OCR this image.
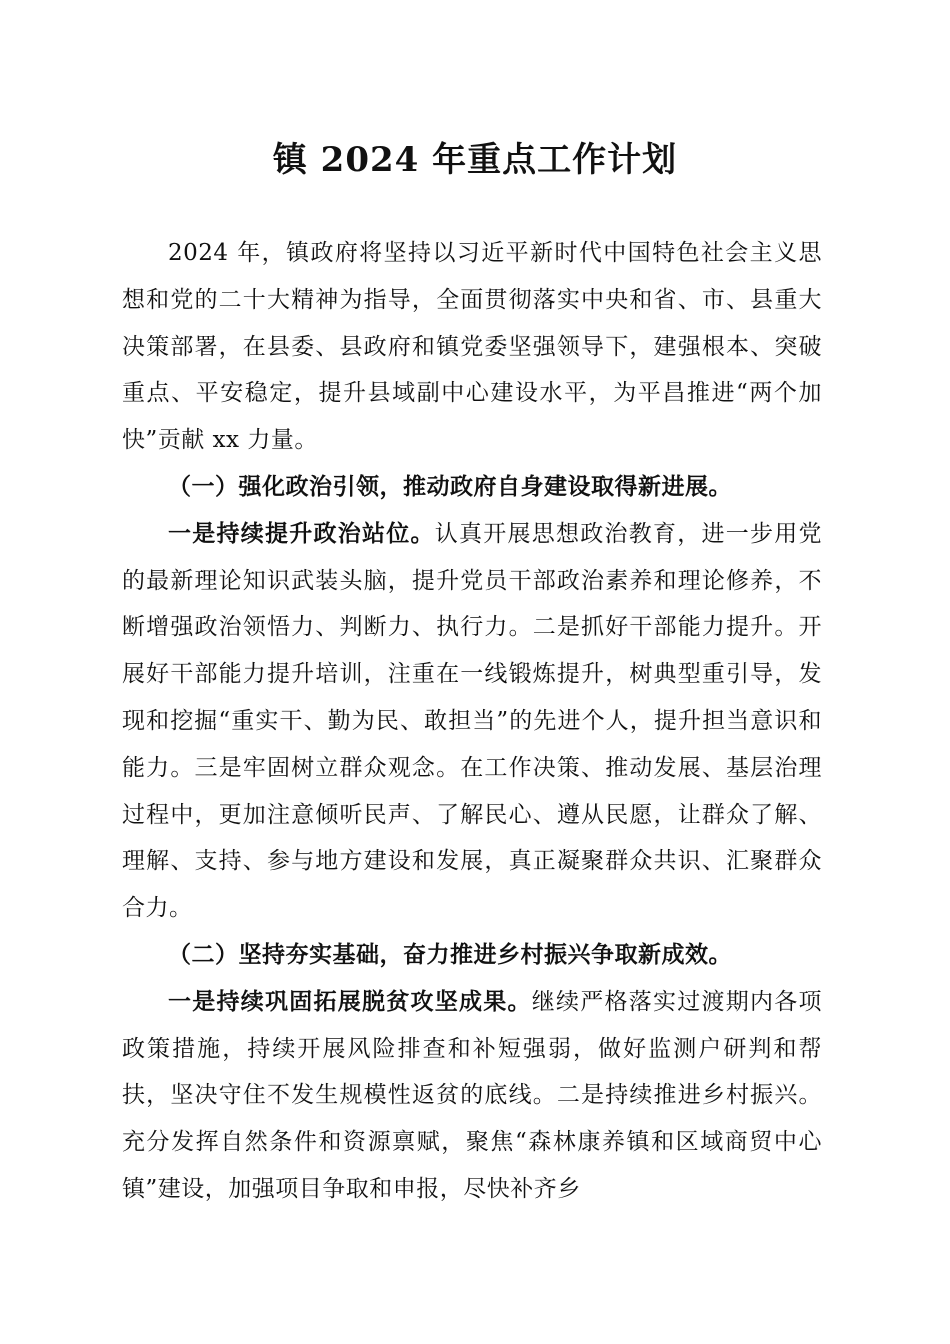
镇 2024 年重点工作计划

2024 年，镇政府将坚持以习近平新时代中国特色社会主义思想和党的二十大精神为指导，全面贯彻落实中央和省、市、县重大决策部署，在县委、县政府和镇党委坚强领导下，建强根本、突破重点、平安稳定，提升县域副中心建设水平，为平昌推进“两个加快”贡献 xx 力量。

（一）强化政治引领，推动政府自身建设取得新进展。

一是持续提升政治站位。认真开展思想政治教育，进一步用党的最新理论知识武装头脑，提升党员干部政治素养和理论修养，不断增强政治领悟力、判断力、执行力。二是抓好干部能力提升。开展好干部能力提升培训，注重在一线锻炼提升，树典型重引导，发现和挖掘“重实干、勤为民、敢担当”的先进个人，提升担当意识和能力。三是牢固树立群众观念。在工作决策、推动发展、基层治理过程中，更加注意倾听民声、了解民心、遵从民愿，让群众了解、理解、支持、参与地方建设和发展，真正凝聚群众共识、汇聚群众合力。

（二）坚持夯实基础，奋力推进乡村振兴争取新成效。

一是持续巩固拓展脱贫攻坚成果。继续严格落实过渡期内各项政策措施，持续开展风险排查和补短强弱，做好监测户研判和帮扶，坚决守住不发生规模性返贫的底线。二是持续推进乡村振兴。充分发挥自然条件和资源禀赋，聚焦“森林康养镇和区域商贸中心镇”建设，加强项目争取和申报，尽快补齐乡
